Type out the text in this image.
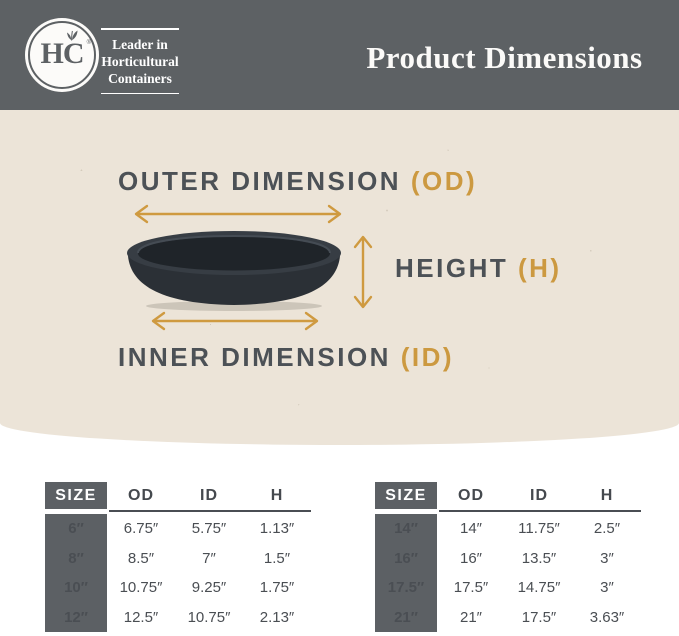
HC ®	Leader in
Horticultural
Containers
Product Dimensions
OUTER DIMENSION (OD)
HEIGHT (H)
INNER DIMENSION (ID)
SIZE	OD	ID	H
6″	6.75″	5.75″	1.13″
8″	8.5″	7″	1.5″
10″	10.75″	9.25″	1.75″
12″	12.5″	10.75″	2.13″
SIZE	OD	ID	H
14″	14″	11.75″	2.5″
16″	16″	13.5″	3″
17.5″	17.5″	14.75″	3″
21″	21″	17.5″	3.63″
